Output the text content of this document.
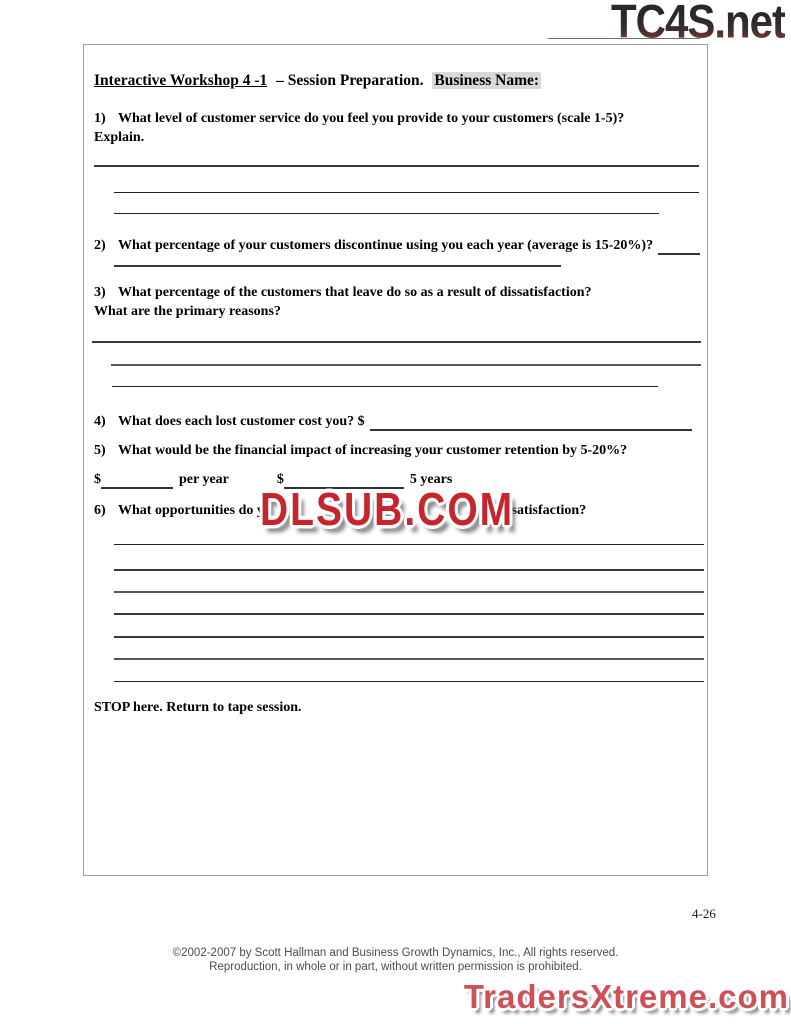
TC4S.net
Interactive Workshop 4 -1 – Session Preparation. Business Name:
1) What level of customer service do you feel you provide to your customers (scale 1-5)?
Explain.
2) What percentage of your customers discontinue using you each year (average is 15-20%)?
3) What percentage of the customers that leave do so as a result of dissatisfaction?
What are the primary reasons?
4) What does each lost customer cost you? $
5) What would be the financial impact of increasing your customer retention by 5-20%?
$	per year	$	5 years
6) What opportunities do yo	er satisfaction?
STOP here. Return to tape session.
DLSUB.COM
4-26
©2002-2007 by Scott Hallman and Business Growth Dynamics, Inc., All rights reserved.
Reproduction, in whole or in part, without written permission is prohibited.
TradersXtreme.com
